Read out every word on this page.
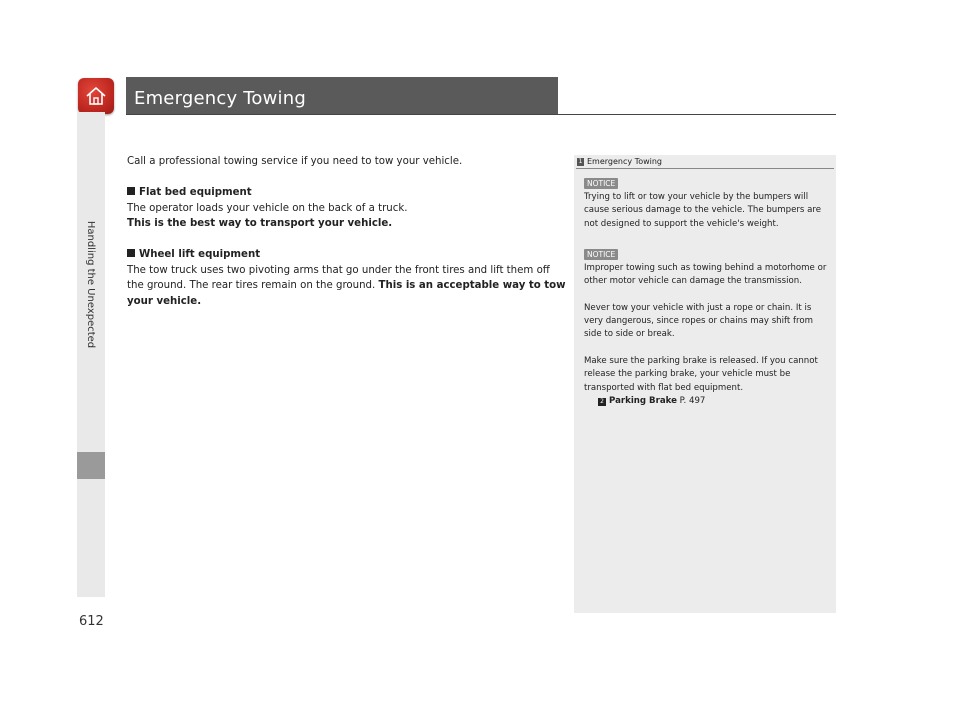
Emergency Towing
Handling the Unexpected
612

Call a professional towing service if you need to tow your vehicle.

Flat bed equipment

The operator loads your vehicle on the back of a truck.

This is the best way to transport your vehicle.

Wheel lift equipment

The tow truck uses two pivoting arms that go under the front tires and lift them off the ground. The rear tires remain on the ground. This is an acceptable way to tow your vehicle.

1 Emergency Towing
NOTICE

Trying to lift or tow your vehicle by the bumpers will cause serious damage to the vehicle. The bumpers are not designed to support the vehicle's weight.

NOTICE

Improper towing such as towing behind a motorhome or other motor vehicle can damage the transmission.

Never tow your vehicle with just a rope or chain. It is very dangerous, since ropes or chains may shift from side to side or break.

Make sure the parking brake is released. If you cannot release the parking brake, your vehicle must be transported with flat bed equipment.

2 Parking Brake P. 497
